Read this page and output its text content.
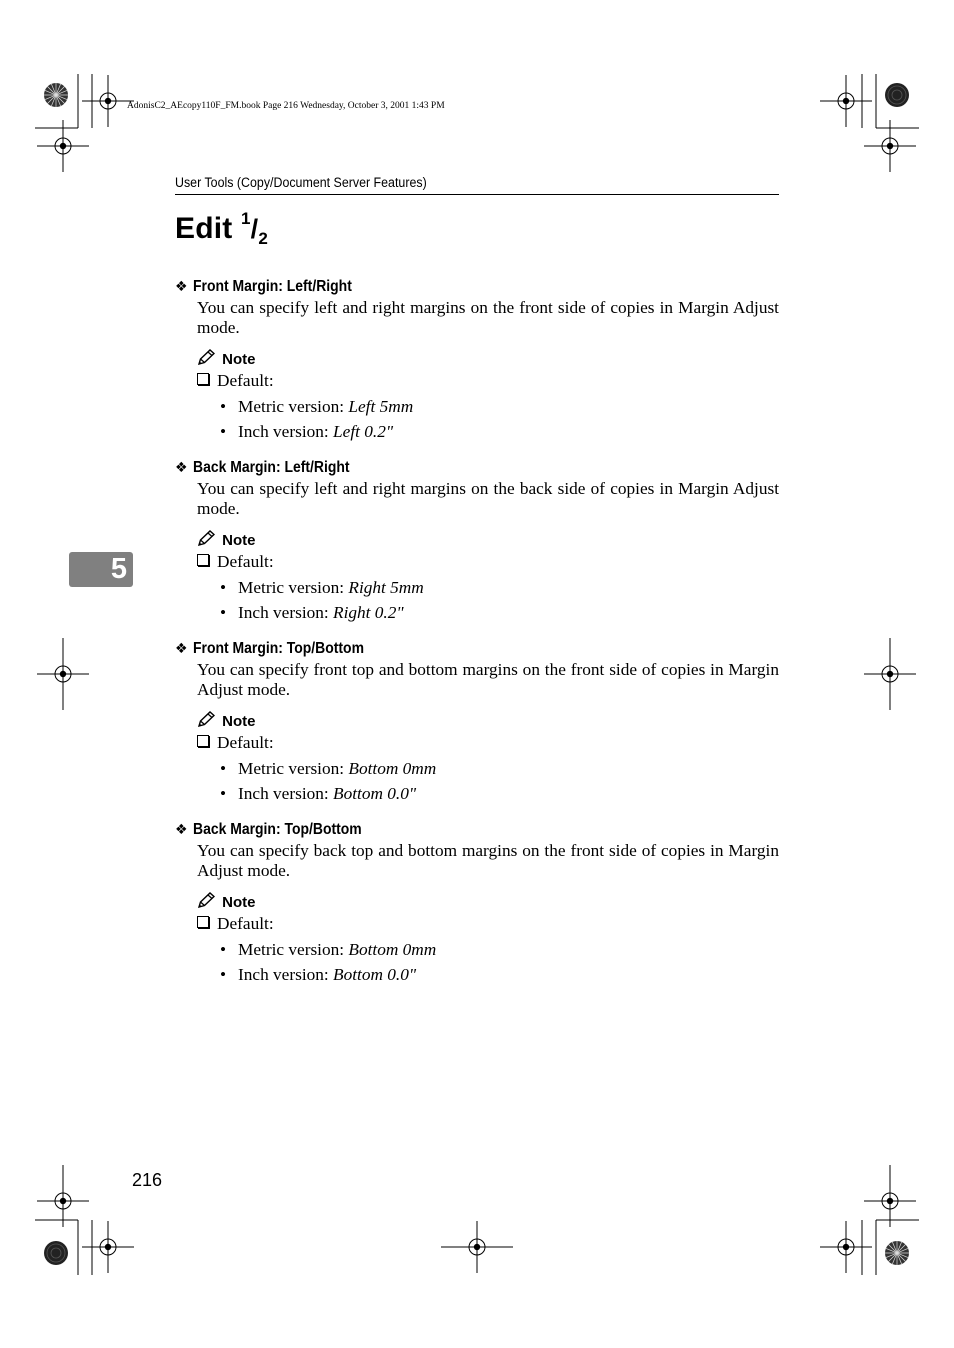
AdonisC2_AEcopy110F_FM.book Page 216 Wednesday, October 3, 2001 1:43 PM
User Tools (Copy/Document Server Features)
Edit $^1/_2$
5
❖ Front Margin: Left/Right
You can specify left and right margins on the front side of copies in Margin Adjust mode.
Note
Default:
• Metric version: Left 5mm
• Inch version: Left 0.2"
❖ Back Margin: Left/Right
You can specify left and right margins on the back side of copies in Margin Adjust mode.
Note
Default:
• Metric version: Right 5mm
• Inch version: Right 0.2"
❖ Front Margin: Top/Bottom
You can specify front top and bottom margins on the front side of copies in Margin Adjust mode.
Note
Default:
• Metric version: Bottom 0mm
• Inch version: Bottom 0.0"
❖ Back Margin: Top/Bottom
You can specify back top and bottom margins on the front side of copies in Margin Adjust mode.
Note
Default:
• Metric version: Bottom 0mm
• Inch version: Bottom 0.0"
216
